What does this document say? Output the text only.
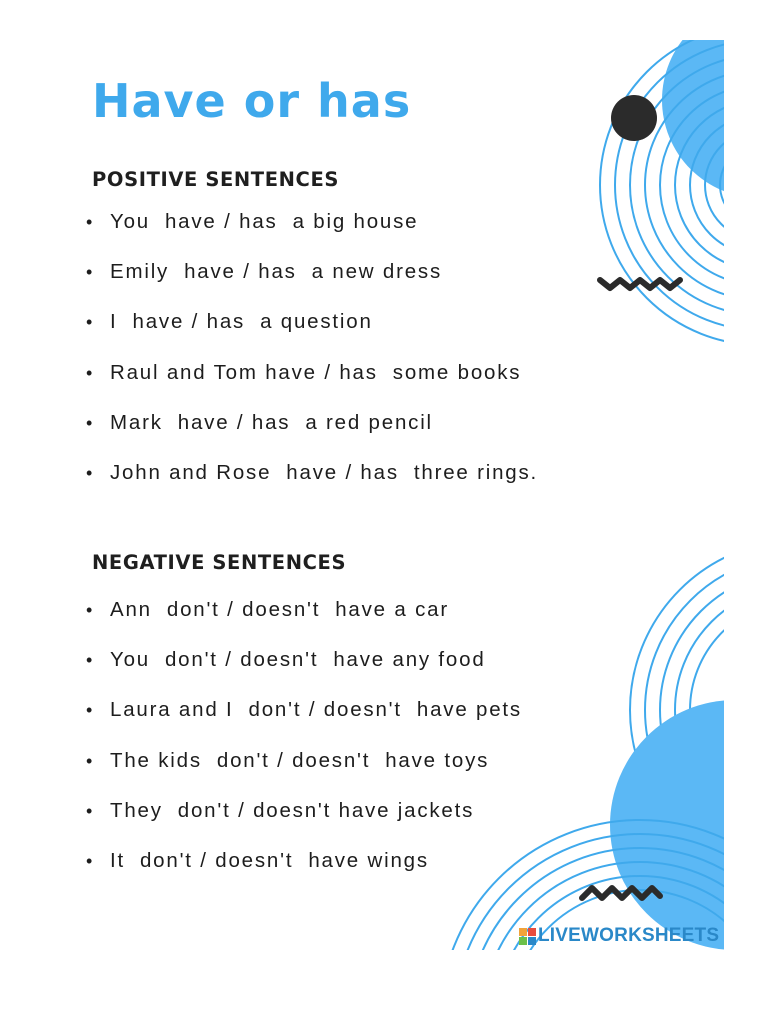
Have or has
POSITIVE SENTENCES
• You  have / has  a big house
• Emily  have / has  a new dress
• I  have / has  a question
• Raul and Tom have / has  some books
• Mark  have / has  a red pencil
• John and Rose  have / has  three rings.
NEGATIVE SENTENCES
• Ann  don't / doesn't  have a car
• You  don't / doesn't  have any food
• Laura and I  don't / doesn't  have pets
• The kids  don't / doesn't  have toys
• They  don't / doesn't have jackets
• It  don't / doesn't  have wings
LIVEWORKSHEETS
